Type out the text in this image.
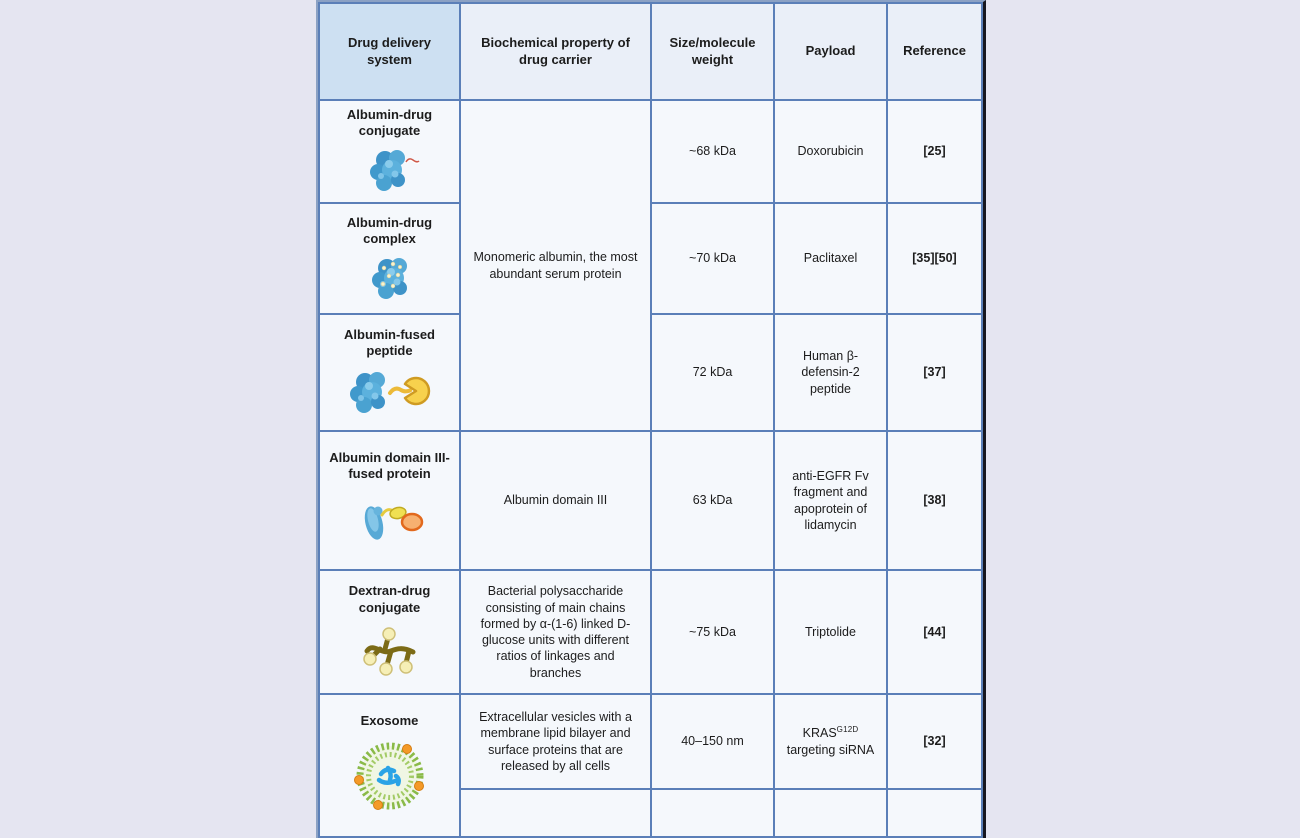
Drug delivery system	Biochemical property of drug carrier	Size/molecule weight	Payload	Reference

Albumin-drug conjugate	Monomeric albumin, the most abundant serum protein	~68 kDa	Doxorubicin	[25]

Albumin-drug complex		~70 kDa	Paclitaxel	[35][50]

Albumin-fused peptide		72 kDa	Human β-defensin-2 peptide	[37]

Albumin domain III-fused protein	Albumin domain III	63 kDa	anti-EGFR Fv fragment and apoprotein of lidamycin	[38]

Dextran-drug conjugate	Bacterial polysaccharide consisting of main chains formed by α-(1-6) linked D-glucose units with different ratios of linkages and branches	~75 kDa	Triptolide	[44]

Exosome	Extracellular vesicles with a membrane lipid bilayer and surface proteins that are released by all cells	40–150 nm	$KRAS^{G12D}$ targeting siRNA	[32]
